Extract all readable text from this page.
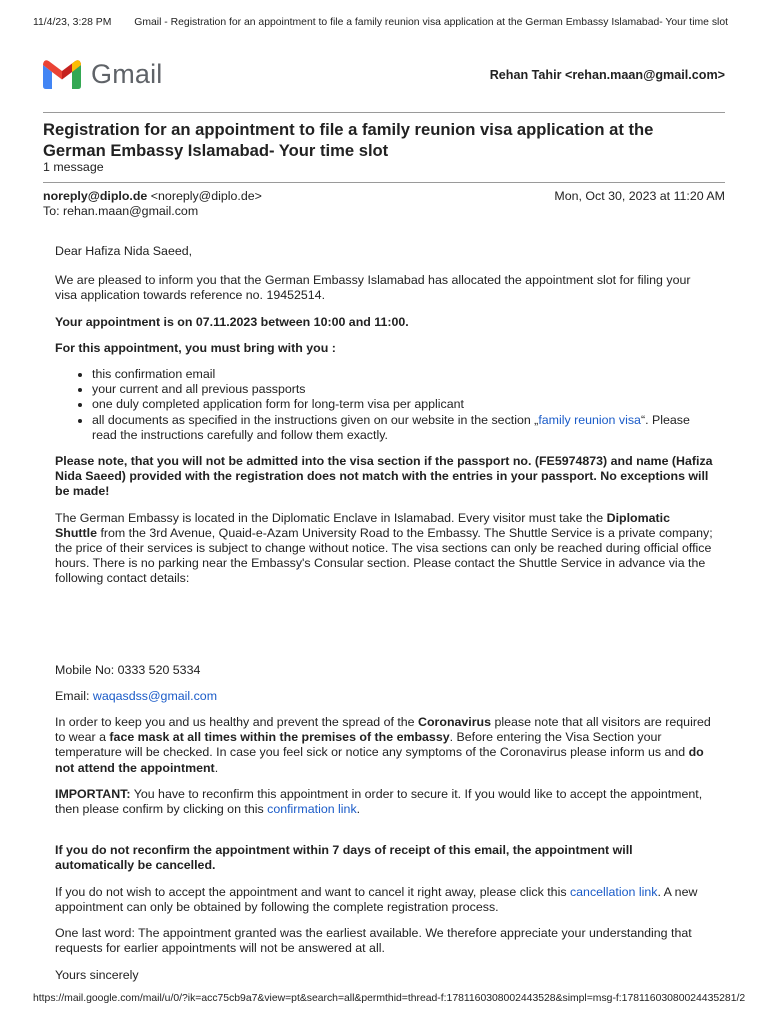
11/4/23, 3:28 PM	Gmail - Registration for an appointment to file a family reunion visa application at the German Embassy Islamabad- Your time slot
Gmail	Rehan Tahir <rehan.maan@gmail.com>
Registration for an appointment to file a family reunion visa application at the German Embassy Islamabad- Your time slot
1 message
noreply@diplo.de <noreply@diplo.de>	Mon, Oct 30, 2023 at 11:20 AM
To: rehan.maan@gmail.com

Dear Hafiza Nida Saeed,

We are pleased to inform you that the German Embassy Islamabad has allocated the appointment slot for filing your visa application towards reference no. 19452514.

Your appointment is on 07.11.2023 between 10:00 and 11:00.

For this appointment, you must bring with you :

• this confirmation email
• your current and all previous passports
• one duly completed application form for long-term visa per applicant
• all documents as specified in the instructions given on our website in the section „family reunion visa“. Please read the instructions carefully and follow them exactly.

Please note, that you will not be admitted into the visa section if the passport no. (FE5974873) and name (Hafiza Nida Saeed) provided with the registration does not match with the entries in your passport. No exceptions will be made!

The German Embassy is located in the Diplomatic Enclave in Islamabad. Every visitor must take the Diplomatic Shuttle from the 3rd Avenue, Quaid-e-Azam University Road to the Embassy. The Shuttle Service is a private company; the price of their services is subject to change without notice. The visa sections can only be reached during official office hours. There is no parking near the Embassy's Consular section. Please contact the Shuttle Service in advance via the following contact details:

Mobile No: 0333 520 5334

Email: waqasdss@gmail.com

In order to keep you and us healthy and prevent the spread of the Coronavirus please note that all visitors are required to wear a face mask at all times within the premises of the embassy. Before entering the Visa Section your temperature will be checked. In case you feel sick or notice any symptoms of the Coronavirus please inform us and do not attend the appointment.

IMPORTANT: You have to reconfirm this appointment in order to secure it. If you would like to accept the appointment, then please confirm by clicking on this confirmation link.

If you do not reconfirm the appointment within 7 days of receipt of this email, the appointment will automatically be cancelled.

If you do not wish to accept the appointment and want to cancel it right away, please click this cancellation link. A new appointment can only be obtained by following the complete registration process.

One last word: The appointment granted was the earliest available. We therefore appreciate your understanding that requests for earlier appointments will not be answered at all.

Yours sincerely

https://mail.google.com/mail/u/0/?ik=acc75cb9a7&view=pt&search=all&permthid=thread-f:1781160308002443528&simpl=msg-f:1781160308002443528 1/2
